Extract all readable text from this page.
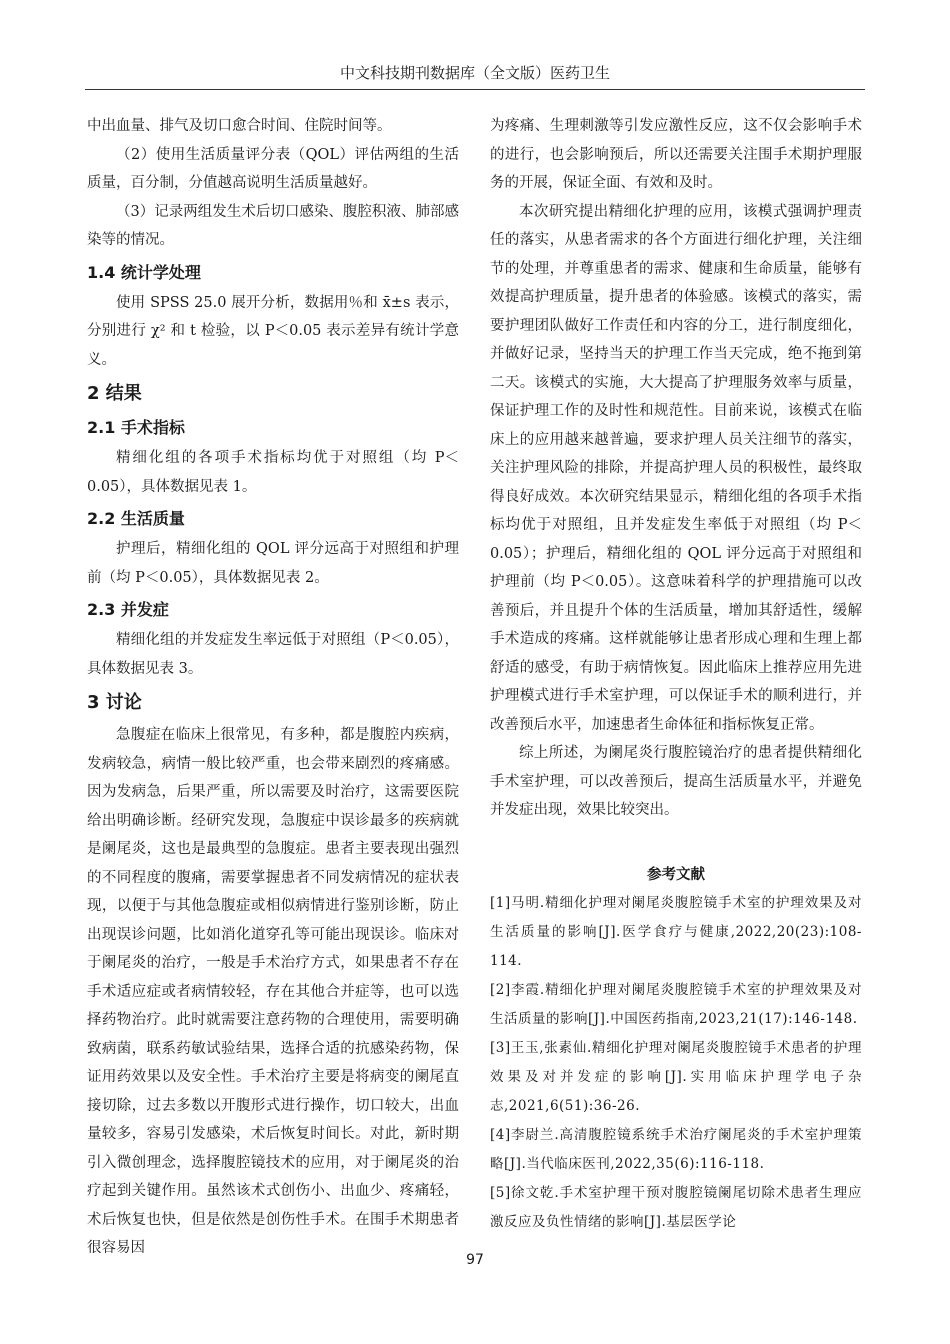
中文科技期刊数据库（全文版）医药卫生

中出血量、排气及切口愈合时间、住院时间等。

（2）使用生活质量评分表（QOL）评估两组的生活质量，百分制，分值越高说明生活质量越好。

（3）记录两组发生术后切口感染、腹腔积液、肺部感染等的情况。

1.4 统计学处理

使用 SPSS 25.0 展开分析，数据用％和 x̄±s 表示，分别进行 χ² 和 t 检验，以 P＜0.05 表示差异有统计学意义。

2 结果
2.1 手术指标

精细化组的各项手术指标均优于对照组（均 P＜0.05），具体数据见表 1。

2.2 生活质量

护理后，精细化组的 QOL 评分远高于对照组和护理前（均 P＜0.05），具体数据见表 2。

2.3 并发症

精细化组的并发症发生率远低于对照组（P＜0.05），具体数据见表 3。

3 讨论

急腹症在临床上很常见，有多种，都是腹腔内疾病，发病较急，病情一般比较严重，也会带来剧烈的疼痛感。因为发病急，后果严重，所以需要及时治疗，这需要医院给出明确诊断。经研究发现，急腹症中误诊最多的疾病就是阑尾炎，这也是最典型的急腹症。患者主要表现出强烈的不同程度的腹痛，需要掌握患者不同发病情况的症状表现，以便于与其他急腹症或相似病情进行鉴别诊断，防止出现误诊问题，比如消化道穿孔等可能出现误诊。临床对于阑尾炎的治疗，一般是手术治疗方式，如果患者不存在手术适应症或者病情较轻，存在其他合并症等，也可以选择药物治疗。此时就需要注意药物的合理使用，需要明确致病菌，联系药敏试验结果，选择合适的抗感染药物，保证用药效果以及安全性。手术治疗主要是将病变的阑尾直接切除，过去多数以开腹形式进行操作，切口较大，出血量较多，容易引发感染，术后恢复时间长。对此，新时期引入微创理念，选择腹腔镜技术的应用，对于阑尾炎的治疗起到关键作用。虽然该术式创伤小、出血少、疼痛轻，术后恢复也快，但是依然是创伤性手术。在围手术期患者很容易因

为疼痛、生理刺激等引发应激性反应，这不仅会影响手术的进行，也会影响预后，所以还需要关注围手术期护理服务的开展，保证全面、有效和及时。

本次研究提出精细化护理的应用，该模式强调护理责任的落实，从患者需求的各个方面进行细化护理，关注细节的处理，并尊重患者的需求、健康和生命质量，能够有效提高护理质量，提升患者的体验感。该模式的落实，需要护理团队做好工作责任和内容的分工，进行制度细化，并做好记录，坚持当天的护理工作当天完成，绝不拖到第二天。该模式的实施，大大提高了护理服务效率与质量，保证护理工作的及时性和规范性。目前来说，该模式在临床上的应用越来越普遍，要求护理人员关注细节的落实，关注护理风险的排除，并提高护理人员的积极性，最终取得良好成效。本次研究结果显示，精细化组的各项手术指标均优于对照组，且并发症发生率低于对照组（均 P＜0.05）；护理后，精细化组的 QOL 评分远高于对照组和护理前（均 P＜0.05）。这意味着科学的护理措施可以改善预后，并且提升个体的生活质量，增加其舒适性，缓解手术造成的疼痛。这样就能够让患者形成心理和生理上都舒适的感受，有助于病情恢复。因此临床上推荐应用先进护理模式进行手术室护理，可以保证手术的顺利进行，并改善预后水平，加速患者生命体征和指标恢复正常。

综上所述，为阑尾炎行腹腔镜治疗的患者提供精细化手术室护理，可以改善预后，提高生活质量水平，并避免并发症出现，效果比较突出。

参考文献
[1]马明.精细化护理对阑尾炎腹腔镜手术室的护理效果及对生活质量的影响[J].医学食疗与健康,2022,20(23):108-114.
[2]李霞.精细化护理对阑尾炎腹腔镜手术室的护理效果及对生活质量的影响[J].中国医药指南,2023,21(17):146-148.
[3]王玉,张素仙.精细化护理对阑尾炎腹腔镜手术患者的护理效果及对并发症的影响[J].实用临床护理学电子杂志,2021,6(51):36-26.
[4]李尉兰.高清腹腔镜系统手术治疗阑尾炎的手术室护理策略[J].当代临床医刊,2022,35(6):116-118.
[5]徐文乾.手术室护理干预对腹腔镜阑尾切除术患者生理应激反应及负性情绪的影响[J].基层医学论
97
